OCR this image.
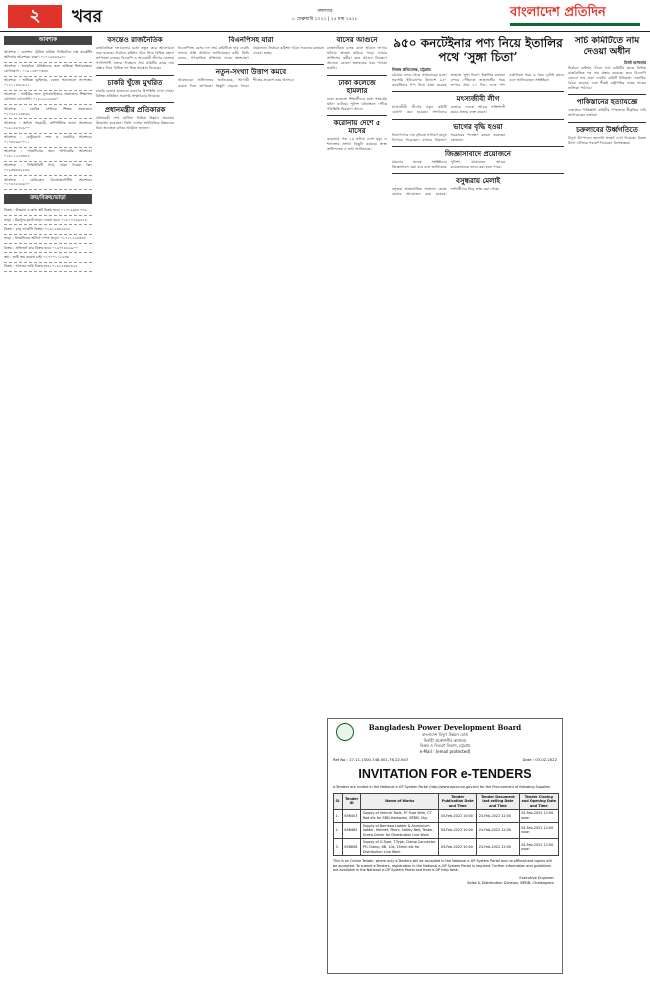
২	খবর	মঙ্গলবার
৮ ফেব্রুয়ারি ২০২২ | ২৫ মাঘ ১৪২৮	বাংলাদেশ প্রতিদিন
আবশ্যক
আবশ্যক : গুলশান ট্রেডিং হাউজ লিমিটেডে দক্ষ মার্কেটিং অফিসার আবশ্যক। ঢাকা। ০১৭১৬৫৬৪৯৭১
আবশ্যক : স্বনামধন্য প্রতিষ্ঠানের জন্য অভিজ্ঞ হিসাবরক্ষক। যোগাযোগ : ০১৯১২৩০০৩৩৪
আবশ্যক : অভিজ্ঞ ড্রাইভার, বেতন আলোচনা সাপেক্ষে। ০১৭১১৪৮৮৯২২
আবশ্যক : ফ্যাক্টরির জন্য সুপারভাইজার প্রয়োজন। শিক্ষাগত যোগ্যতা এসএসসি। ০১৮১৯২২৬৬৪০
আবশ্যক : কোচিং সেন্টারে শিক্ষক প্রয়োজন। ০১৭৫৫১২৩৪৫৬
আবশ্যক : অফিস সহকারী, কম্পিউটার জানা আবশ্যক। ০১৯১৫৬৭৮৯০০
আবশ্যক : রেস্টুরেন্টে শেফ ও ওয়েটার আবশ্যক। ০১৭৮৮৯৯০০১১
আবশ্যক : গার্মেন্টসের জন্য অপারেটর আবশ্যক। ০১৬১১২২৩৩৪৪
আবশ্যক : সিকিউরিটি গার্ড, থাকা খাওয়া ফ্রি। ০১৯৩৩৪৪৫৫৬৬
আবশ্যক : মেডিকেল রিপ্রেজেন্টেটিভ আবশ্যক। ০১৭৪৪৫৫৬৬৭৭
ক্রয়/বিক্রয়/ভাড়া
বিক্রয় : উত্তরায় ৩ কাঠা প্লট বিক্রয় হবে। ০১৭১৯৯৮৮৭৭৬
ভাড়া : মিরপুরে ফ্ল্যাট ভাড়া দেওয়া হবে। ০১৮১৭৭৬৬৫৫৪
বিক্রয় : চালু ফার্মেসি বিক্রয়। ০১৯১২৩৪৫৬৭৮
ভাড়া : ধানমন্ডিতে অফিস স্পেস ভাড়া। ০১৭১১২২৩৩৪৪
বিক্রয় : প্রাইভেট কার বিক্রয় হবে। ০১৬৭৭৮৮৯৯০০
ক্রয় : জমি ক্রয় করতে চাই। ০১৭০০১১২২৩৩
বিক্রয় : সাভারে জমি বিক্রয় হবে। ০১৯২২৩৩৪৪৫৫
বসন্তেও রাজনৈতিক
রাজনৈতিক দলগুলোর মধ্যে নতুন করে আলোচনা শুরু হয়েছে। নির্বাচন কমিশন গঠন নিয়ে বিভিন্ন মহলে তৎপরতা চলছে। বিএনপি ও আওয়ামী লীগের নেতারা পাল্টাপাল্টি বক্তব্য দিচ্ছেন। সার্চ কমিটির কাছে নাম প্রস্তাব নিয়ে বিভিন্ন দল ভিন্ন অবস্থান নিয়েছে।
চাকরি খুঁজে মুখরিত
চাকরি মেলায় হাজারো তরুণের উপস্থিতি দেখা গেছে। বিভিন্ন প্রতিষ্ঠান সরাসরি সাক্ষাৎকার নিয়েছে।
প্রধানমন্ত্রীর প্রতিকারক
প্রধানমন্ত্রী শেখ হাসিনা বিভিন্ন উন্নয়ন প্রকল্পের উদ্বোধন করেছেন। তিনি দেশের অর্থনৈতিক উন্নয়নের ধারা অব্যাহত রাখার আহ্বান জানান।
বিএনপিসহ যারা
বিএনপিসহ যেসব দল সার্চ কমিটিতে নাম দেয়নি তাদের প্রতি আহ্বান জানিয়েছেন মন্ত্রী। তিনি বলেন, গণতান্ত্রিক প্রক্রিয়ায় সবার অংশগ্রহণ প্রয়োজন। নির্বাচন কমিশন গঠনে সকলের মতামত নেওয়া হচ্ছে।
নতুন-সংখ্যা উত্তাপ কমবে
আবহাওয়া অধিদফতর জানিয়েছে, আগামী কয়েক দিনে তাপমাত্রা কিছুটা বাড়তে পারে। শীতের প্রকোপ কমে আসবে।
বাসের আগুনে
রাজধানীতে চলন্ত বাসে আগুন লাগার ঘটনায় আতঙ্ক ছড়িয়ে পড়ে। ফায়ার সার্ভিসের কর্মীরা দ্রুত আগুন নিয়ন্ত্রণে আনেন। কোনো হতাহতের খবর পাওয়া যায়নি।
ঢাকা কলেজে হামলার
ঢাকা কলেজে শিক্ষার্থীদের মধ্যে সংঘর্ষের ঘটনা ঘটেছে। পুলিশ ঘটনাস্থলে পৌঁছে পরিস্থিতি নিয়ন্ত্রণে আনে।
করোনায় দেশে ৫ মাসের
করোনায় গত ২৪ ঘণ্টায় দেশে মৃত্যু ও শনাক্তের সংখ্যা কিছুটা কমেছে। স্বাস্থ্য অধিদফতর এ তথ্য জানিয়েছে।
৯৫০ কনটেইনার পণ্য নিয়ে ইতালির পথে ‘সুঙ্গা চিতা’
নিজস্ব প্রতিবেদক, চট্টগ্রাম
চট্টগ্রাম বন্দর থেকে প্রথমবারের মতো সরাসরি ইউরোপের উদ্দেশে ৯৫০ কনটেইনার পণ্য নিয়ে যাত্রা করেছে জাহাজ ‘সুঙ্গা চিতা’। ইতালির রাভেনা বন্দরে পৌঁছাতে জাহাজটির সময় লাগবে প্রায় ২০ দিন। এতে পণ্য রপ্তানিতে সময় ও খরচ দুটোই কমবে বলে জানিয়েছেন সংশ্লিষ্টরা।
মৎস্যজীবী লীগ
মৎস্যজীবী লীগের নতুন কমিটি ঘোষণা করা হয়েছে। সংগঠনের নেতারা দলকে আরও শক্তিশালী করার প্রত্যয় ব্যক্ত করেন।
ভাগের বৃদ্ধি হওয়া
নিত্যপণ্যের দাম বৃদ্ধিতে সাধারণ মানুষ বিপাকে পড়েছেন। বাজার নিয়ন্ত্রণে সরকারের পদক্ষেপ কামনা করেছেন ক্রেতারা।
জিজ্ঞাসাবাদে প্রয়োজনে
মামলার তদন্তে সংশ্লিষ্টদের জিজ্ঞাসাবাদ করা হবে বলে জানিয়েছে পুলিশ। প্রয়োজনে আরও কয়েকজনকে তলব করা হতে পারে।
বসুন্ধরায় মেলাই
বসুন্ধরা আন্তর্জাতিক সম্মেলন কেন্দ্রে মেলার আয়োজন করা হয়েছে। দর্শনার্থীদের ভিড় লক্ষ্য করা গেছে।
সার্চ কমিটিতে নাম দেওয়া অধীন
মির্জা আখতার
নির্বাচন কমিশন গঠনে সার্চ কমিটির কাছে বিভিন্ন রাজনৈতিক দল নাম প্রস্তাব করেছে। তবে বিএনপি কোনো নাম জমা দেয়নি। কমিটি ইতিমধ্যে একাধিক বৈঠক করেছে এবং শীঘ্রই রাষ্ট্রপতির কাছে নামের তালিকা পাঠাবে।
পাকিস্তানের হত্যাযজ্ঞে
একাত্তরে পাকিস্তানি বাহিনীর গণহত্যার স্বীকৃতির দাবি জানিয়েছেন বক্তারা।
চক্রলাবের উর্ধ্বগতিতে
বিদ্যুৎ উৎপাদনে জ্বালানি সংকট দেখা দিয়েছে। বিকল্প উৎস খোঁজার পরামর্শ দিয়েছেন বিশেষজ্ঞরা।
Bangladesh Power Development Board
বাংলাদেশ বিদ্যুৎ উন্নয়ন বোর্ড
নির্বাহী প্রকৌশলীর কার্যালয়
বিক্রয় ও বিতরণ বিভাগ, চট্টগ্রাম
e-Mail : [email protected]
Ref No : 27.11.1500.748.001.76.22.647	Date : 03.02.2022
INVITATION FOR e-TENDERS
e-Tenders are invited in the National e-GP System Portal (http://www.eprocure.gov.bd) for the Procurement of following Supplies
Sl.	Tender ID	Name of Works	Tender Publication Date and Time	Tender Document last selling Date and Time	Tender Closing and Opening Date and Time
1.	656403	Supply of Vehicle Tools, FF Fuse Wire, CT Rod etc for SBD-Hathazari, BPDB, Ctg.	03-Feb-2022 10:00	23-Feb-2022 12:00	24-Feb-2022 12:00 noon
2.	656485	Supply of Bamboo Ladder & Aluminium ladder, Helmet, Pliers, Safety Belt, Tester, Screw Driver for Distribution Line Work	03-Feb-2022 10:00	23-Feb-2022 12:00	24-Feb-2022 12:00 noon
3.	656608	Supply of G-Type, T-Type, Clamp Connector, PG Clamp, 6B, 10s, 25mm etc for Distribution Line Work	03-Feb-2022 10:00	23-Feb-2022 12:00	24-Feb-2022 12:00 noon
This is an Online Tender, where only e-Tenders will be accepted in the National e-GP System Portal and no offline/hard copies will be accepted. To submit e-Tenders, registration in the National e-GP System Portal is required. Further information and guidelines are available in the National e-GP System Portal and from e-GP help desk.
Executive Engineer
Sales & Distribution Division, BPDB, Chattogram
